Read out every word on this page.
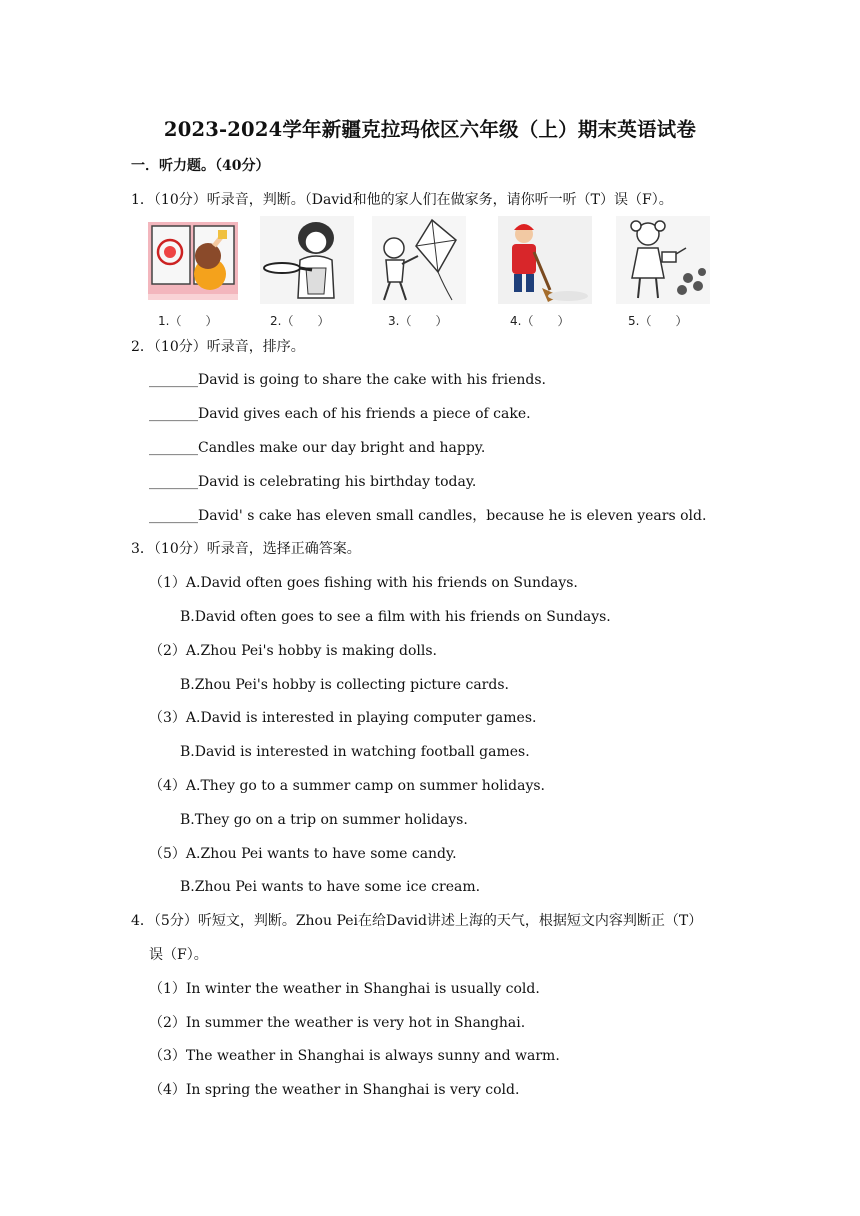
2023-2024学年新疆克拉玛依区六年级（上）期末英语试卷
一．听力题。（40分）
1．（10分）听录音，判断。（David和他的家人们在做家务，请你听一听（T）误（F）。
1.（　　）	2.（　　）	3.（　　）	4.（　　）	5.（　　）
2．（10分）听录音，排序。
_______David is going to share the cake with his friends.
_______David gives each of his friends a piece of cake.
_______Candles make our day bright and happy.
_______David is celebrating his birthday today.
_______David' s cake has eleven small candles，because he is eleven years old.
3．（10分）听录音，选择正确答案。
（1）A.David often goes fishing with his friends on Sundays.
B.David often goes to see a film with his friends on Sundays.
（2）A.Zhou Pei's hobby is making dolls.
B.Zhou Pei's hobby is collecting picture cards.
（3）A.David is interested in playing computer games.
B.David is interested in watching football games.
（4）A.They go to a summer camp on summer holidays.
B.They go on a trip on summer holidays.
（5）A.Zhou Pei wants to have some candy.
B.Zhou Pei wants to have some ice cream.
4．（5分）听短文，判断。Zhou Pei在给David讲述上海的天气，根据短文内容判断正（T）
误（F）。
（1）In winter the weather in Shanghai is usually cold.
（2）In summer the weather is very hot in Shanghai.
（3）The weather in Shanghai is always sunny and warm.
（4）In spring the weather in Shanghai is very cold.
